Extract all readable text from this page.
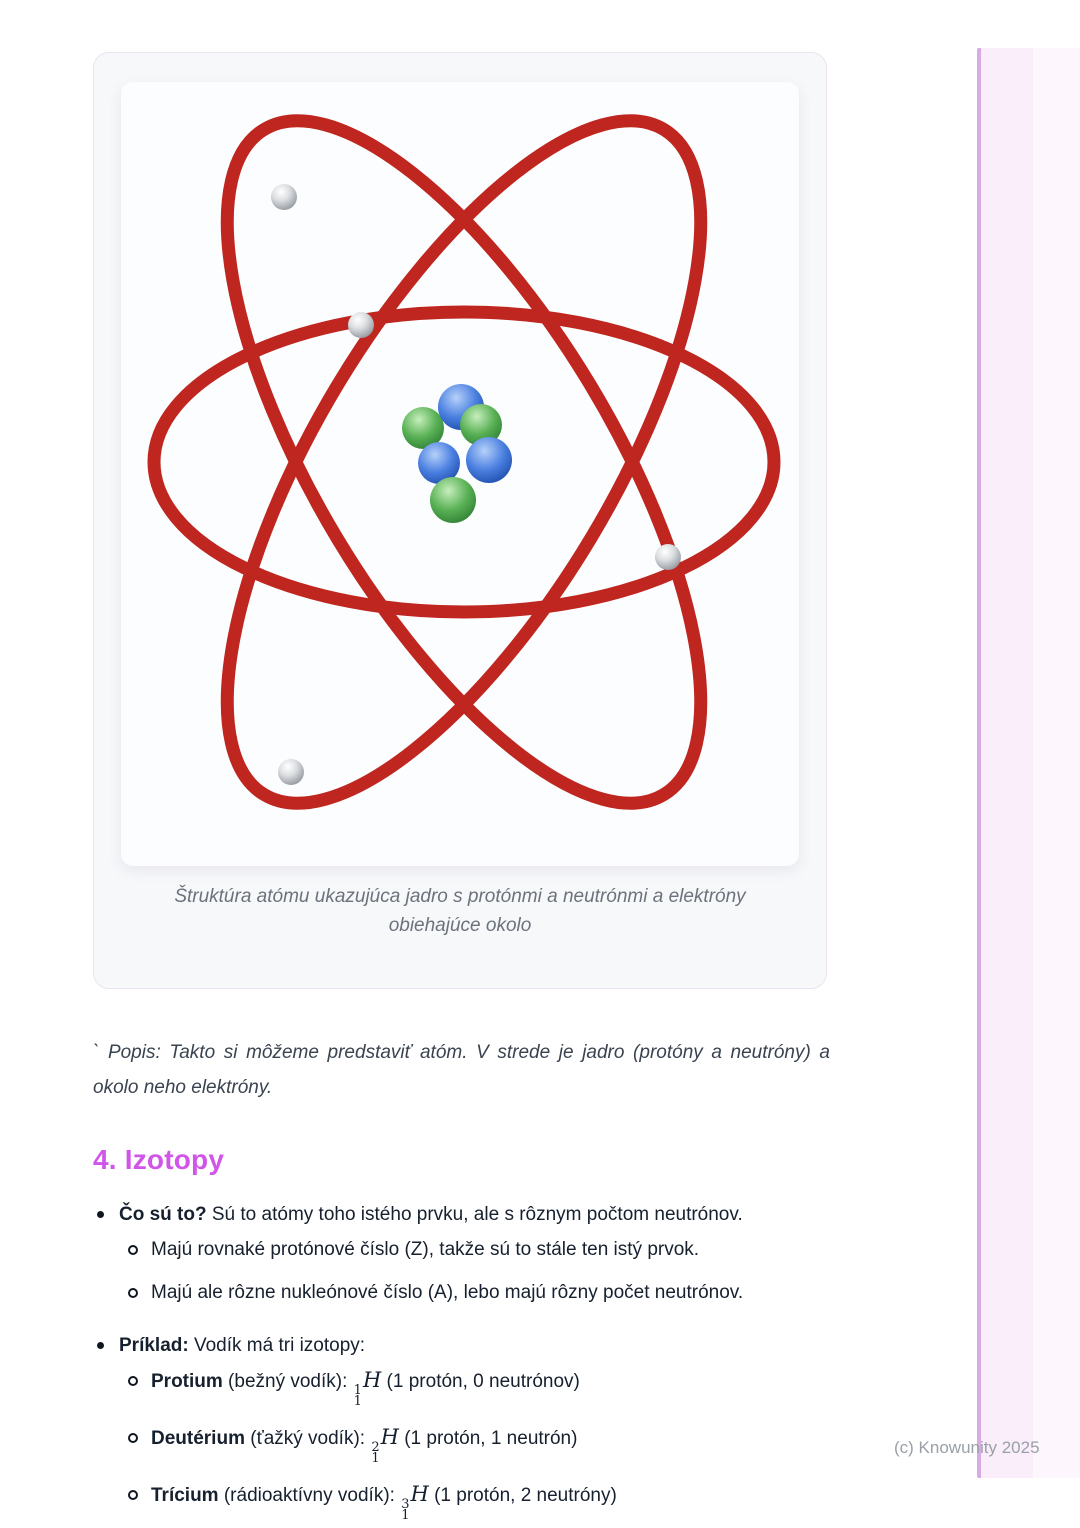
Štruktúra atómu ukazujúca jadro s protónmi a neutrónmi a elektróny obiehajúce okolo

` Popis: Takto si môžeme predstaviť atóm. V strede je jadro (protóny a neutróny) a okolo neho elektróny.

4. Izotopy
Čo sú to? Sú to atómy toho istého prvku, ale s rôznym počtom neutrónov.
Majú rovnaké protónové číslo (Z), takže sú to stále ten istý prvok.
Majú ale rôzne nukleónové číslo (A), lebo majú rôzny počet neutrónov.
Príklad: Vodík má tri izotopy:
Protium (bežný vodík): 1
1
H (1 protón, 0 neutrónov)
Deutérium (ťažký vodík): 2
1
H (1 protón, 1 neutrón)
Trícium (rádioaktívny vodík): 3
1
H (1 protón, 2 neutróny)
(c) Knowunity 2025
